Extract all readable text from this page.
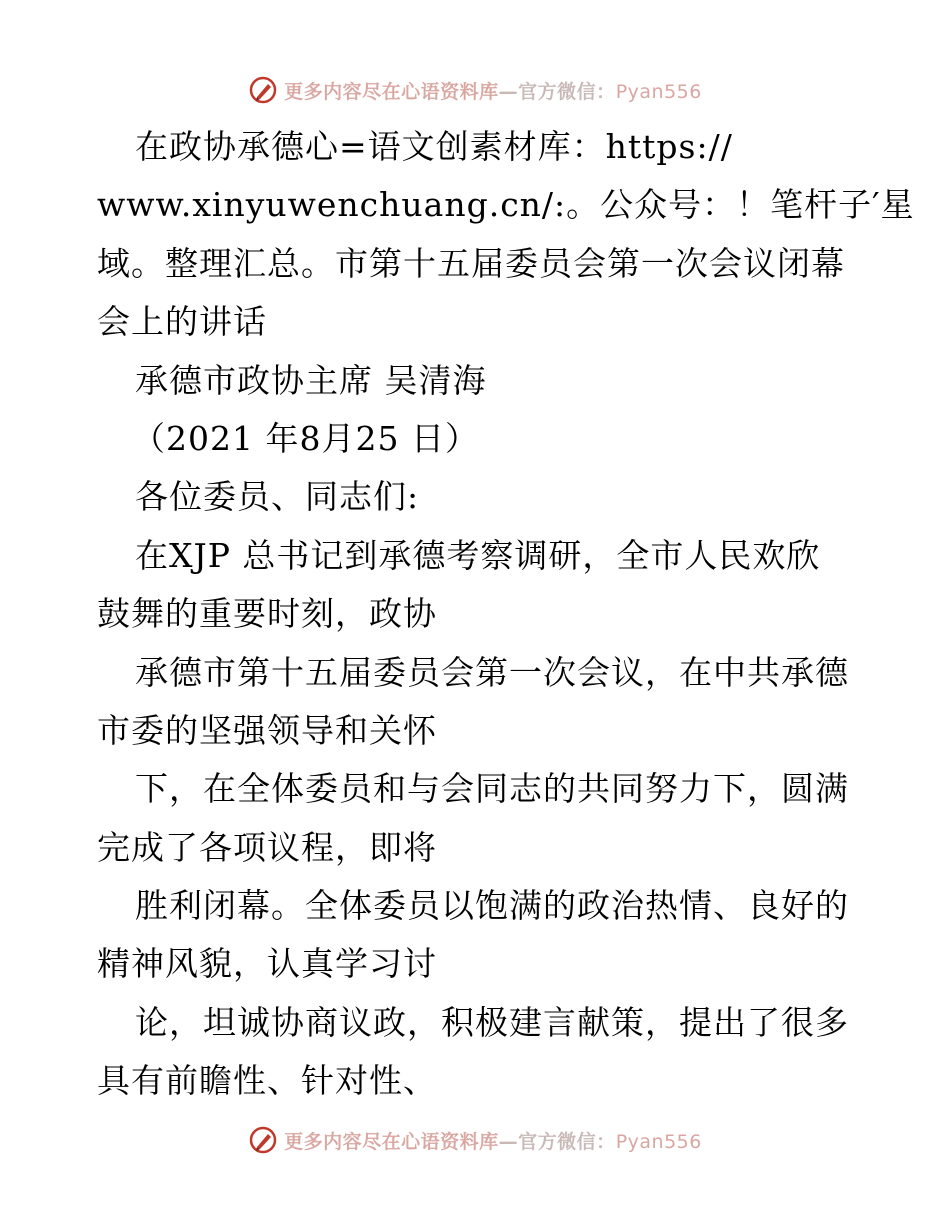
更多内容尽在心语资料库—官方微信：Pyan556
在政协承德心=语文创素材库：https://
www.xinyuwenchuang.cn/:。公众号：！笔杆子′星
域。整理汇总。市第十五届委员会第一次会议闭幕
会上的讲话
承德市政协主席 吴清海
（2021 年8月25 日）
各位委员、同志们:
在XJP 总书记到承德考察调研，全市人民欢欣
鼓舞的重要时刻，政协
承德市第十五届委员会第一次会议，在中共承德
市委的坚强领导和关怀
下，在全体委员和与会同志的共同努力下，圆满
完成了各项议程，即将
胜利闭幕。全体委员以饱满的政治热情、良好的
精神风貌，认真学习讨
论，坦诚协商议政，积极建言献策，提出了很多
具有前瞻性、针对性、
更多内容尽在心语资料库—官方微信：Pyan556
